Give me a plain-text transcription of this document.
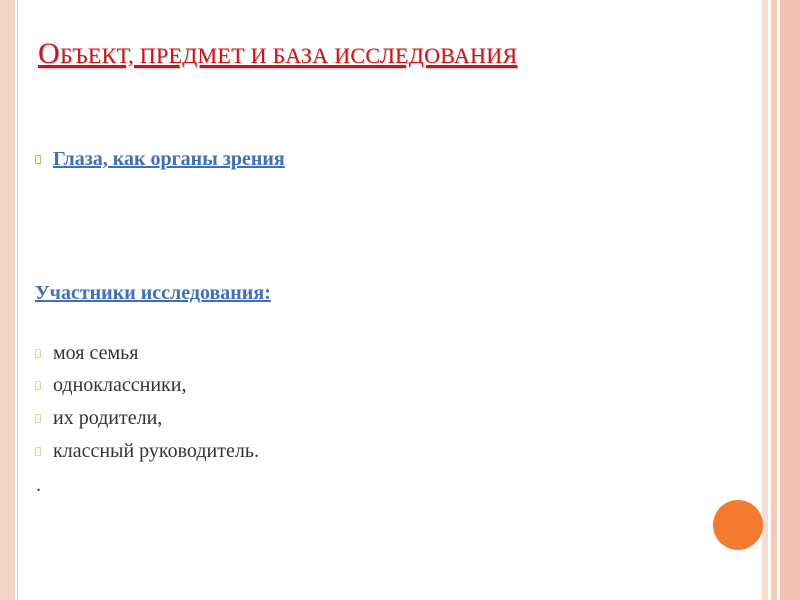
ОБЪЕКТ, ПРЕДМЕТ И БАЗА ИССЛЕДОВАНИЯ
Глаза, как органы зрения

Участники исследования:

моя семья
одноклассники,
их родители,
классный руководитель.
.
